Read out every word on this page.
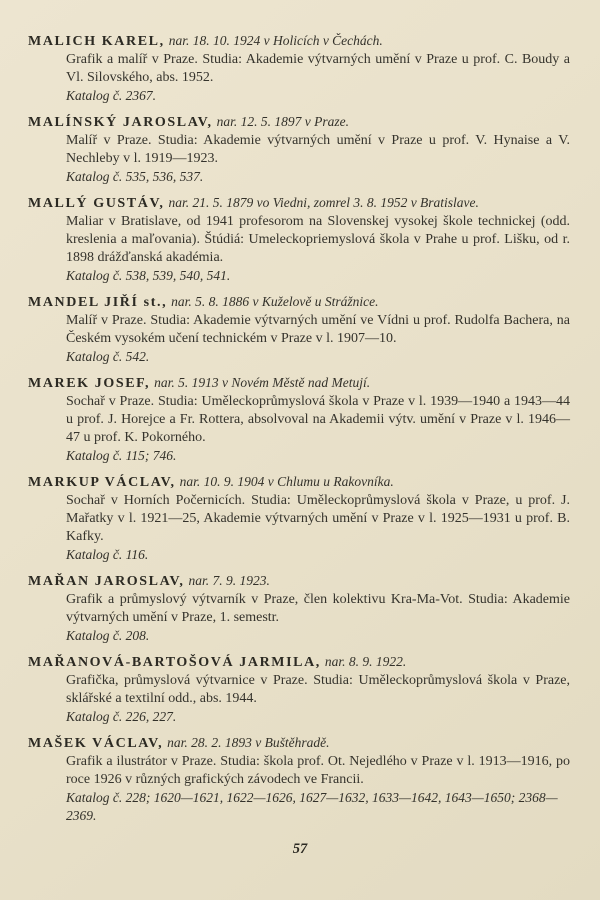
MALICH KAREL, nar. 18. 10. 1924 v Holicích v Čechách.
Grafik a malíř v Praze. Studia: Akademie výtvarných umění v Praze u prof. C. Boudy a Vl. Silovského, abs. 1952.
Katalog č. 2367.
MALÍNSKÝ JAROSLAV, nar. 12. 5. 1897 v Praze.
Malíř v Praze. Studia: Akademie výtvarných umění v Praze u prof. V. Hynaise a V. Nechleby v l. 1919—1923.
Katalog č. 535, 536, 537.
MALLÝ GUSTÁV, nar. 21. 5. 1879 vo Viedni, zomrel 3. 8. 1952 v Bratislave.
Maliar v Bratislave, od 1941 profesorom na Slovenskej vysokej škole technickej (odd. kreslenia a maľovania). Štúdiá: Umeleckopriemyslová škola v Prahe u prof. Lišku, od r. 1898 drážďanská akadémia.
Katalog č. 538, 539, 540, 541.
MANDEL JIŘÍ st., nar. 5. 8. 1886 v Kuželově u Strážnice.
Malíř v Praze. Studia: Akademie výtvarných umění ve Vídni u prof. Rudolfa Bachera, na Českém vysokém učení technickém v Praze v l. 1907—10.
Katalog č. 542.
MAREK JOSEF, nar. 5. 1913 v Novém Městě nad Metují.
Sochař v Praze. Studia: Uměleckoprůmyslová škola v Praze v l. 1939—1940 a 1943—44 u prof. J. Horejce a Fr. Rottera, absolvoval na Akademii výtv. umění v Praze v l. 1946—47 u prof. K. Pokorného.
Katalog č. 115; 746.
MARKUP VÁCLAV, nar. 10. 9. 1904 v Chlumu u Rakovníka.
Sochař v Horních Počernicích. Studia: Uměleckoprůmyslová škola v Praze, u prof. J. Mařatky v l. 1921—25, Akademie výtvarných umění v Praze v l. 1925—1931 u prof. B. Kafky.
Katalog č. 116.
MAŘAN JAROSLAV, nar. 7. 9. 1923.
Grafik a průmyslový výtvarník v Praze, člen kolektivu Kra-Ma-Vot. Studia: Akademie výtvarných umění v Praze, 1. semestr.
Katalog č. 208.
MAŘANOVÁ-BARTOŠOVÁ JARMILA, nar. 8. 9. 1922.
Grafička, průmyslová výtvarnice v Praze. Studia: Uměleckoprůmyslová škola v Praze, sklářské a textilní odd., abs. 1944.
Katalog č. 226, 227.
MAŠEK VÁCLAV, nar. 28. 2. 1893 v Buštěhradě.
Grafik a ilustrátor v Praze. Studia: škola prof. Ot. Nejedlého v Praze v l. 1913—1916, po roce 1926 v různých grafických závodech ve Francii.
Katalog č. 228; 1620—1621, 1622—1626, 1627—1632, 1633—1642, 1643—1650; 2368—2369.
57
